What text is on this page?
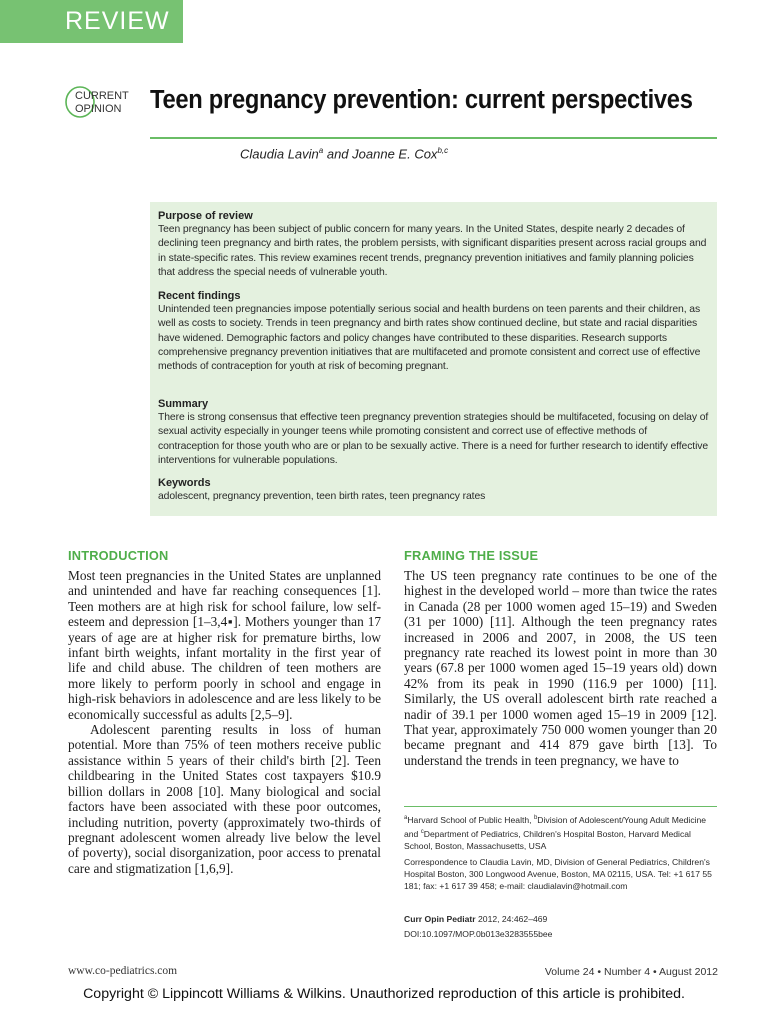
REVIEW
CURRENT
OPINION Teen pregnancy prevention: current perspectives
Claudia Lavin$^a$ and Joanne E. Cox$^{b,c}$
Purpose of review
Teen pregnancy has been subject of public concern for many years. In the United States, despite nearly 2 decades of declining teen pregnancy and birth rates, the problem persists, with significant disparities present across racial groups and in state-specific rates. This review examines recent trends, pregnancy prevention initiatives and family planning policies that address the special needs of vulnerable youth.
Recent findings
Unintended teen pregnancies impose potentially serious social and health burdens on teen parents and their children, as well as costs to society. Trends in teen pregnancy and birth rates show continued decline, but state and racial disparities have widened. Demographic factors and policy changes have contributed to these disparities. Research supports comprehensive pregnancy prevention initiatives that are multifaceted and promote consistent and correct use of effective methods of contraception for youth at risk of becoming pregnant.
Summary
There is strong consensus that effective teen pregnancy prevention strategies should be multifaceted, focusing on delay of sexual activity especially in younger teens while promoting consistent and correct use of effective methods of contraception for those youth who are or plan to be sexually active. There is a need for further research to identify effective interventions for vulnerable populations.
Keywords
adolescent, pregnancy prevention, teen birth rates, teen pregnancy rates
INTRODUCTION

Most teen pregnancies in the United States are unplanned and unintended and have far reaching consequences [1]. Teen mothers are at high risk for school failure, low self-esteem and depression [1–3,4▪]. Mothers younger than 17 years of age are at higher risk for premature births, low infant birth weights, infant mortality in the first year of life and child abuse. The children of teen mothers are more likely to perform poorly in school and engage in high-risk behaviors in adolescence and are less likely to be economically successful as adults [2,5–9].

Adolescent parenting results in loss of human potential. More than 75% of teen mothers receive public assistance within 5 years of their child's birth [2]. Teen childbearing in the United States cost taxpayers $10.9 billion dollars in 2008 [10]. Many biological and social factors have been associated with these poor outcomes, including nutrition, poverty (approximately two-thirds of pregnant adolescent women already live below the level of poverty), social disorganization, poor access to prenatal care and stigmatization [1,6,9].

FRAMING THE ISSUE

The US teen pregnancy rate continues to be one of the highest in the developed world – more than twice the rates in Canada (28 per 1000 women aged 15–19) and Sweden (31 per 1000) [11]. Although the teen pregnancy rates increased in 2006 and 2007, in 2008, the US teen pregnancy rate reached its lowest point in more than 30 years (67.8 per 1000 women aged 15–19 years old) down 42% from its peak in 1990 (116.9 per 1000) [11]. Similarly, the US overall adolescent birth rate reached a nadir of 39.1 per 1000 women aged 15–19 in 2009 [12]. That year, approximately 750 000 women younger than 20 became pregnant and 414 879 gave birth [13]. To understand the trends in teen pregnancy, we have to

$^a$Harvard School of Public Health, $^b$Division of Adolescent/Young Adult Medicine and $^c$Department of Pediatrics, Children's Hospital Boston, Harvard Medical School, Boston, Massachusetts, USA
Correspondence to Claudia Lavin, MD, Division of General Pediatrics, Children's Hospital Boston, 300 Longwood Avenue, Boston, MA 02115, USA. Tel: +1 617 55 181; fax: +1 617 39 458; e-mail: claudialavin@hotmail.com
Curr Opin Pediatr 2012, 24:462–469
DOI:10.1097/MOP.0b013e3283555bee
www.co-pediatrics.com	Volume 24 • Number 4 • August 2012
Copyright © Lippincott Williams & Wilkins. Unauthorized reproduction of this article is prohibited.
